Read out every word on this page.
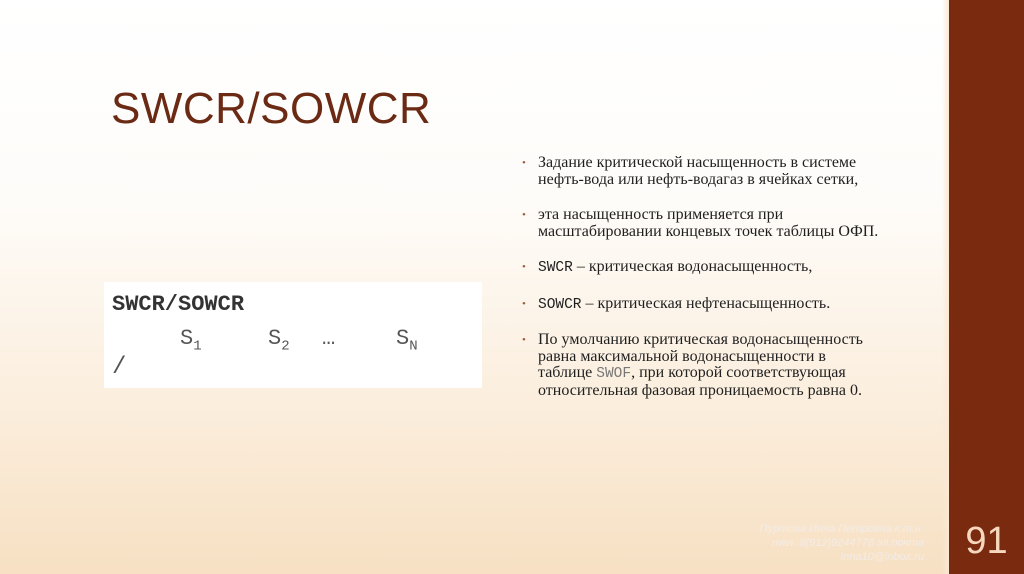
SWCR/SOWCR
SWCR/SOWCR
$S_1$	$S_2$ …	$S_N$
/
• Задание критической насыщенность в системе нефть-вода или нефть-водагаз в ячейках сетки,
• эта насыщенность применяется при масштабировании концевых точек таблицы ОФП.
• SWCR – критическая водонасыщенность,
• SOWCR – критическая нефтенасыщенность.
• По умолчанию критическая водонасыщенность равна максимальной водонасыщенности в таблице SWOF, при которой соответствующая относительная фазовая проницаемость равна 0.
Пуртова Инна Петровна к.т.н.
тел. 8(912)9244778 эл.почта
inna10@inbox.ru	91
